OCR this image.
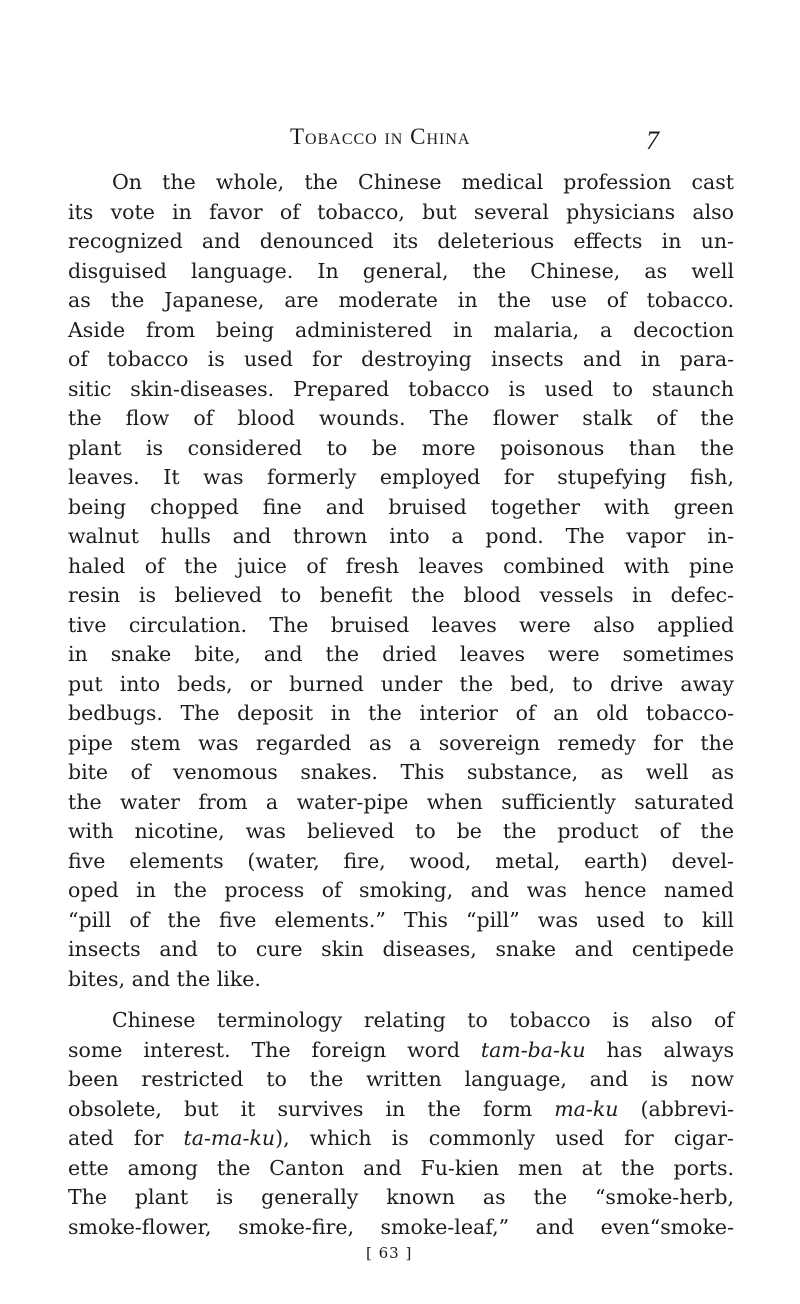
Tobacco in China	7
On the whole, the Chinese medical profession cast
its vote in favor of tobacco, but several physicians also
recognized and denounced its deleterious effects in un-
disguised language. In general, the Chinese, as well
as the Japanese, are moderate in the use of tobacco.
Aside from being administered in malaria, a decoction
of tobacco is used for destroying insects and in para-
sitic skin-diseases. Prepared tobacco is used to staunch
the flow of blood wounds. The flower stalk of the
plant is considered to be more poisonous than the
leaves. It was formerly employed for stupefying fish,
being chopped fine and bruised together with green
walnut hulls and thrown into a pond. The vapor in-
haled of the juice of fresh leaves combined with pine
resin is believed to benefit the blood vessels in defec-
tive circulation. The bruised leaves were also applied
in snake bite, and the dried leaves were sometimes
put into beds, or burned under the bed, to drive away
bedbugs. The deposit in the interior of an old tobacco-
pipe stem was regarded as a sovereign remedy for the
bite of venomous snakes. This substance, as well as
the water from a water-pipe when sufficiently saturated
with nicotine, was believed to be the product of the
five elements (water, fire, wood, metal, earth) devel-
oped in the process of smoking, and was hence named
“pill of the five elements.” This “pill” was used to kill
insects and to cure skin diseases, snake and centipede
bites, and the like.
Chinese terminology relating to tobacco is also of
some interest. The foreign word tam-ba-ku has always
been restricted to the written language, and is now
obsolete, but it survives in the form ma-ku (abbrevi-
ated for ta-ma-ku), which is commonly used for cigar-
ette among the Canton and Fu-kien men at the ports.
The plant is generally known as the “smoke-herb,
smoke-flower, smoke-fire, smoke-leaf,” and even“smoke-
[ 63 ]
